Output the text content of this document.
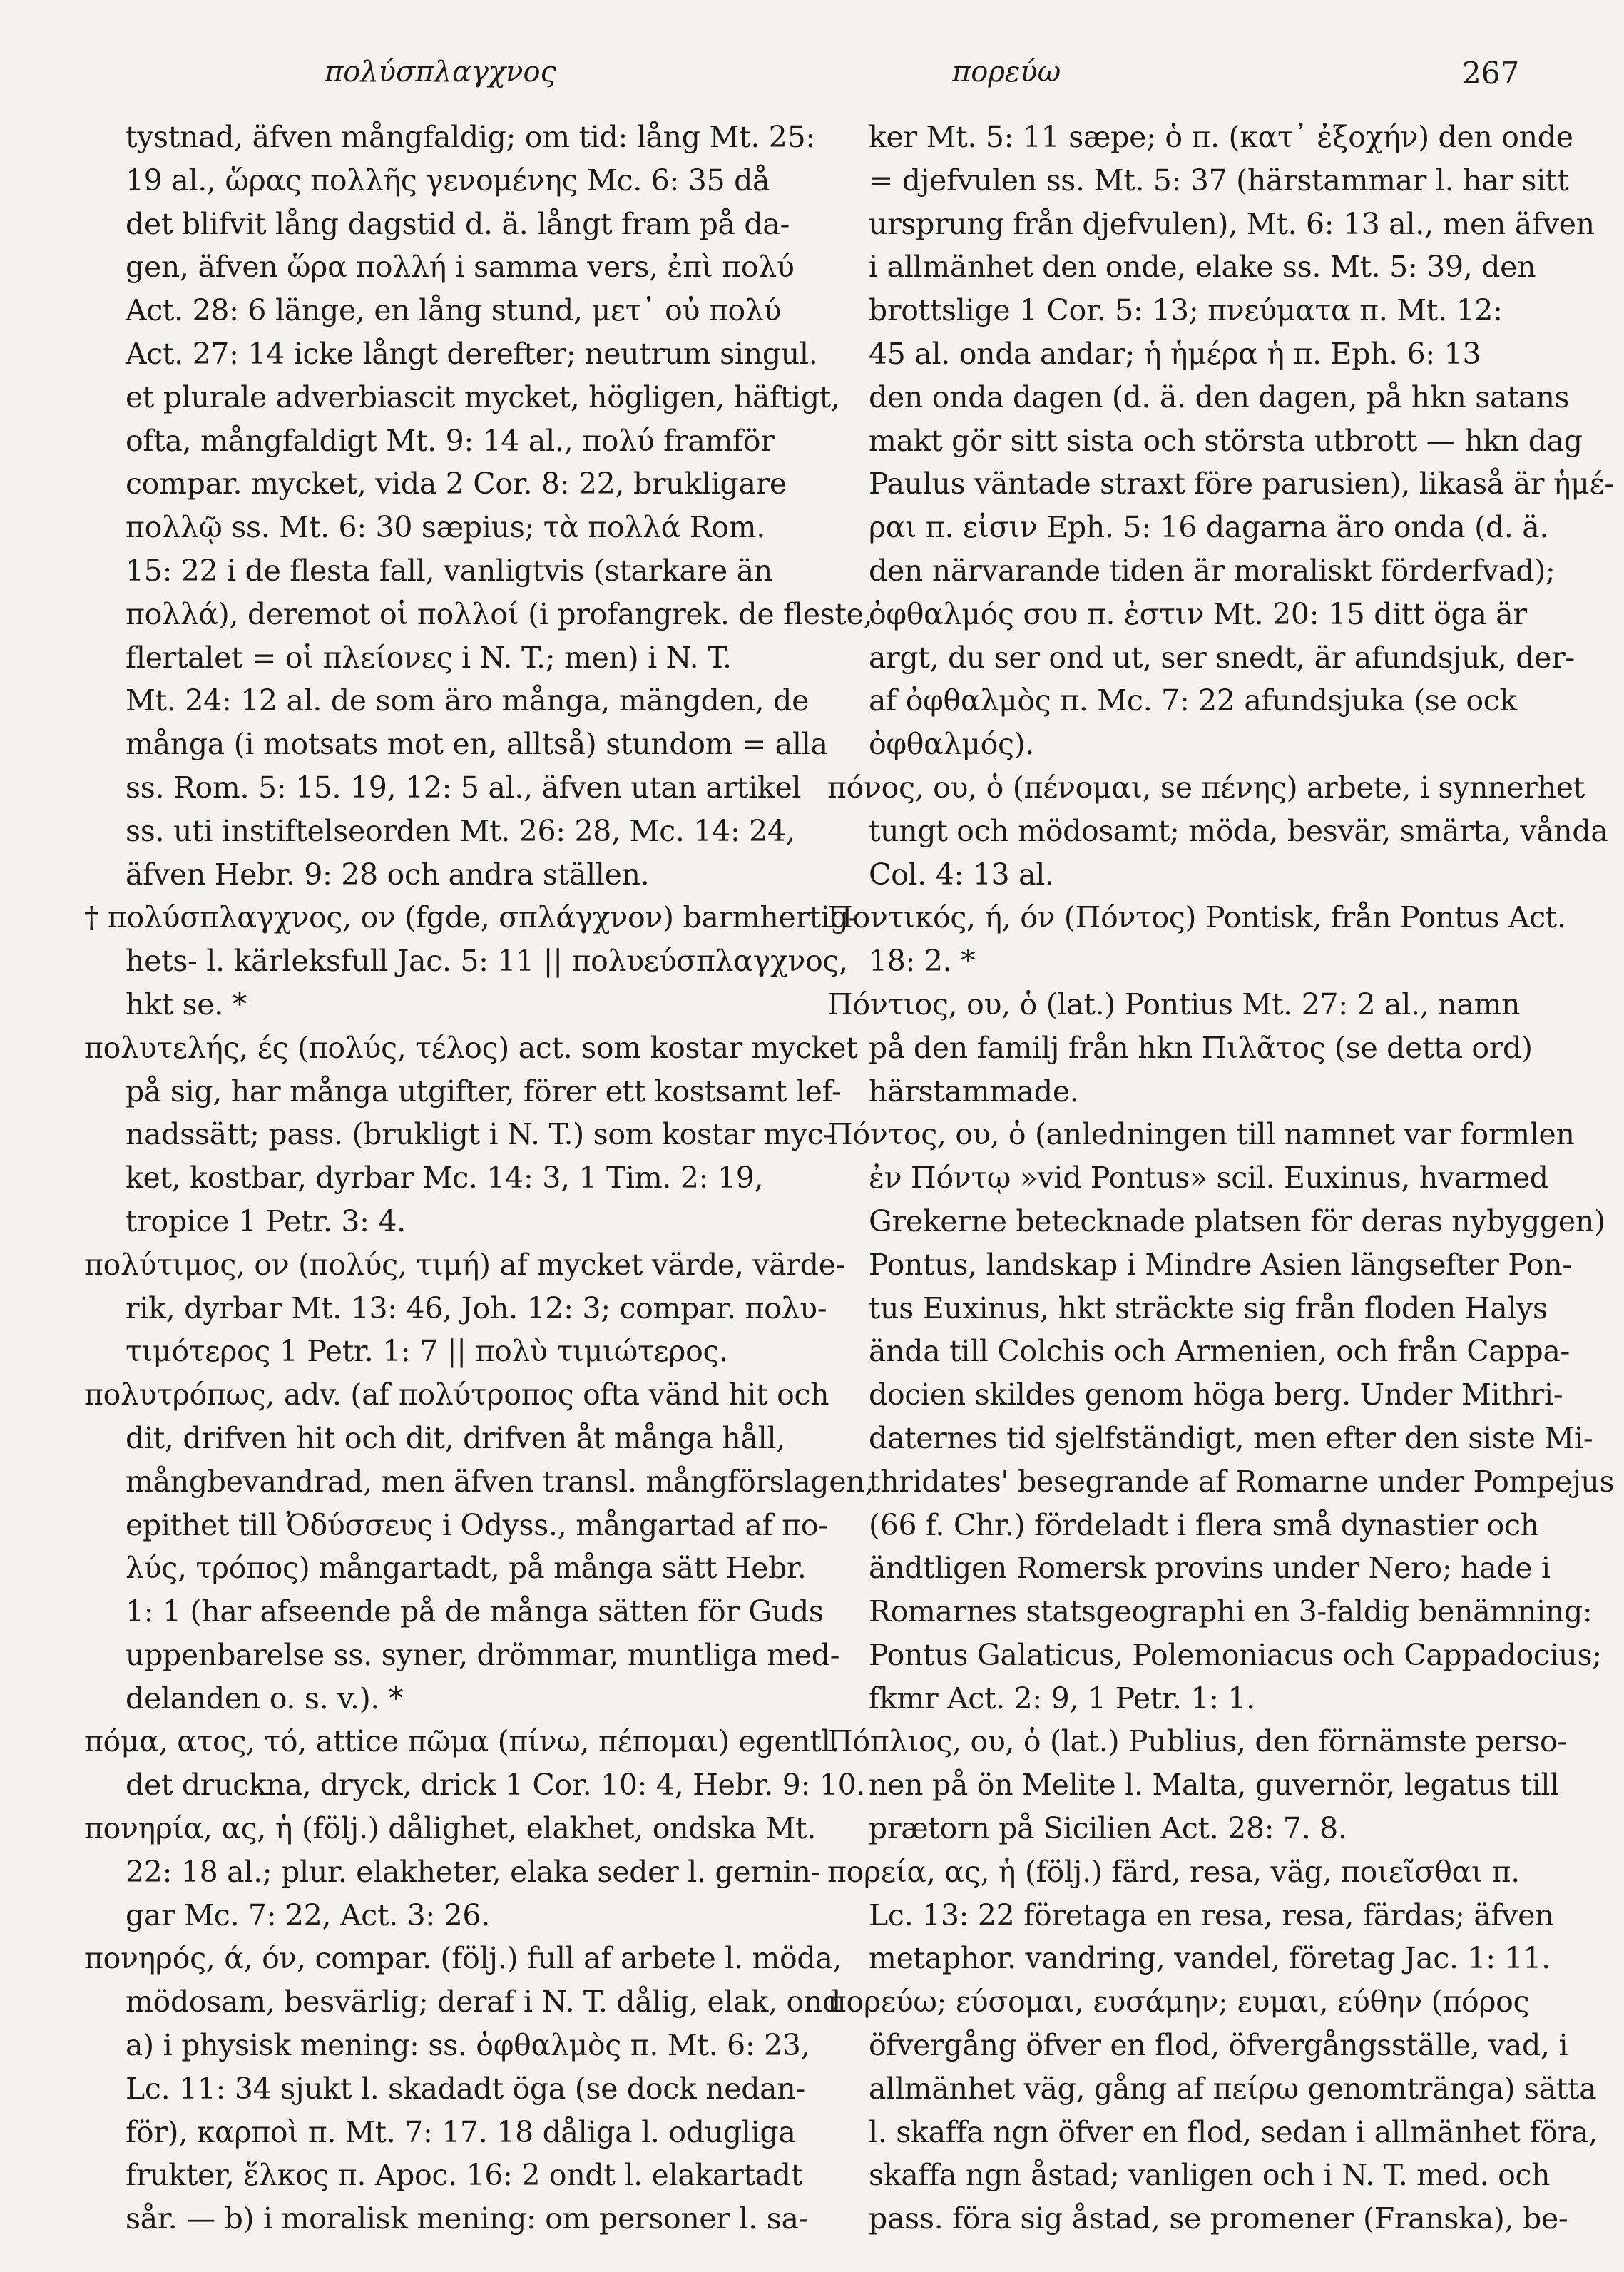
πολύσπλαγχνος	πορεύω	267
tystnad, äfven mångfaldig; om tid: lång Mt. 25:
19 al., ὥρας πολλῆς γενομένης Mc. 6: 35 då
det blifvit lång dagstid d. ä. långt fram på da-
gen, äfven ὥρα πολλή i samma vers, ἐπὶ πολύ
Act. 28: 6 länge, en lång stund, μετ᾽ οὐ πολύ
Act. 27: 14 icke långt derefter; neutrum singul.
et plurale adverbiascit mycket, högligen, häftigt,
ofta, mångfaldigt Mt. 9: 14 al., πολύ framför
compar. mycket, vida 2 Cor. 8: 22, brukligare
πολλῷ ss. Mt. 6: 30 sæpius; τὰ πολλά Rom.
15: 22 i de flesta fall, vanligtvis (starkare än
πολλά), deremot οἱ πολλοί (i profangrek. de fleste,
flertalet = οἱ πλείονες i N. T.; men) i N. T.
Mt. 24: 12 al. de som äro många, mängden, de
många (i motsats mot en, alltså) stundom = alla
ss. Rom. 5: 15. 19, 12: 5 al., äfven utan artikel
ss. uti instiftelseorden Mt. 26: 28, Mc. 14: 24,
äfven Hebr. 9: 28 och andra ställen.
† πολύσπλαγχνος, ον (fgde, σπλάγχνον) barmhertig-
hets- l. kärleksfull Jac. 5: 11 || πολυεύσπλαγχνος,
hkt se. *
πολυτελής, ές (πολύς, τέλος) act. som kostar mycket
på sig, har många utgifter, förer ett kostsamt lef-
nadssätt; pass. (brukligt i N. T.) som kostar myc-
ket, kostbar, dyrbar Mc. 14: 3, 1 Tim. 2: 19,
tropice 1 Petr. 3: 4.
πολύτιμος, ον (πολύς, τιμή) af mycket värde, värde-
rik, dyrbar Mt. 13: 46, Joh. 12: 3; compar. πολυ-
τιμότερος 1 Petr. 1: 7 || πολὺ τιμιώτερος.
πολυτρόπως, adv. (af πολύτροπος ofta vänd hit och
dit, drifven hit och dit, drifven åt många håll,
mångbevandrad, men äfven transl. mångförslagen,
epithet till Ὀδύσσευς i Odyss., mångartad af πο-
λύς, τρόπος) mångartadt, på många sätt Hebr.
1: 1 (har afseende på de många sätten för Guds
uppenbarelse ss. syner, drömmar, muntliga med-
delanden o. s. v.). *
πόμα, ατος, τό, attice πῶμα (πίνω, πέπομαι) egentl.
det druckna, dryck, drick 1 Cor. 10: 4, Hebr. 9: 10.
πονηρία, ας, ἡ (följ.) dålighet, elakhet, ondska Mt.
22: 18 al.; plur. elakheter, elaka seder l. gernin-
gar Mc. 7: 22, Act. 3: 26.
πονηρός, ά, όν, compar. (följ.) full af arbete l. möda,
mödosam, besvärlig; deraf i N. T. dålig, elak, ond
a) i physisk mening: ss. ὀφθαλμὸς π. Mt. 6: 23,
Lc. 11: 34 sjukt l. skadadt öga (se dock nedan-
för), καρποὶ π. Mt. 7: 17. 18 dåliga l. odugliga
frukter, ἕλκος π. Apoc. 16: 2 ondt l. elakartadt
sår. — b) i moralisk mening: om personer l. sa-
ker Mt. 5: 11 sæpe; ὁ π. (κατ᾽ ἐξοχήν) den onde
= djefvulen ss. Mt. 5: 37 (härstammar l. har sitt
ursprung från djefvulen), Mt. 6: 13 al., men äfven
i allmänhet den onde, elake ss. Mt. 5: 39, den
brottslige 1 Cor. 5: 13; πνεύματα π. Mt. 12:
45 al. onda andar; ἡ ἡμέρα ἡ π. Eph. 6: 13
den onda dagen (d. ä. den dagen, på hkn satans
makt gör sitt sista och största utbrott — hkn dag
Paulus väntade straxt före parusien), likaså är ἡμέ-
ραι π. εἰσιν Eph. 5: 16 dagarna äro onda (d. ä.
den närvarande tiden är moraliskt förderfvad);
ὀφθαλμός σου π. ἐστιν Mt. 20: 15 ditt öga är
argt, du ser ond ut, ser snedt, är afundsjuk, der-
af ὀφθαλμὸς π. Mc. 7: 22 afundsjuka (se ock
ὀφθαλμός).
πόνος, ου, ὁ (πένομαι, se πένης) arbete, i synnerhet
tungt och mödosamt; möda, besvär, smärta, vånda
Col. 4: 13 al.
Ποντικός, ή, όν (Πόντος) Pontisk, från Pontus Act.
18: 2. *
Πόντιος, ου, ὁ (lat.) Pontius Mt. 27: 2 al., namn
på den familj från hkn Πιλᾶτος (se detta ord)
härstammade.
Πόντος, ου, ὁ (anledningen till namnet var formlen
ἐν Πόντῳ »vid Pontus» scil. Euxinus, hvarmed
Grekerne betecknade platsen för deras nybyggen)
Pontus, landskap i Mindre Asien längsefter Pon-
tus Euxinus, hkt sträckte sig från floden Halys
ända till Colchis och Armenien, och från Cappa-
docien skildes genom höga berg. Under Mithri-
daternes tid sjelfständigt, men efter den siste Mi-
thridates' besegrande af Romarne under Pompejus
(66 f. Chr.) fördeladt i flera små dynastier och
ändtligen Romersk provins under Nero; hade i
Romarnes statsgeographi en 3-faldig benämning:
Pontus Galaticus, Polemoniacus och Cappadocius;
fkmr Act. 2: 9, 1 Petr. 1: 1.
Πόπλιος, ου, ὁ (lat.) Publius, den förnämste perso-
nen på ön Melite l. Malta, guvernör, legatus till
prætorn på Sicilien Act. 28: 7. 8.
πορεία, ας, ἡ (följ.) färd, resa, väg, ποιεῖσθαι π.
Lc. 13: 22 företaga en resa, resa, färdas; äfven
metaphor. vandring, vandel, företag Jac. 1: 11.
πορεύω; εύσομαι, ευσάμην; ευμαι, εύθην (πόρος
öfvergång öfver en flod, öfvergångsställe, vad, i
allmänhet väg, gång af πείρω genomtränga) sätta
l. skaffa ngn öfver en flod, sedan i allmänhet föra,
skaffa ngn åstad; vanligen och i N. T. med. och
pass. föra sig åstad, se promener (Franska), be-
